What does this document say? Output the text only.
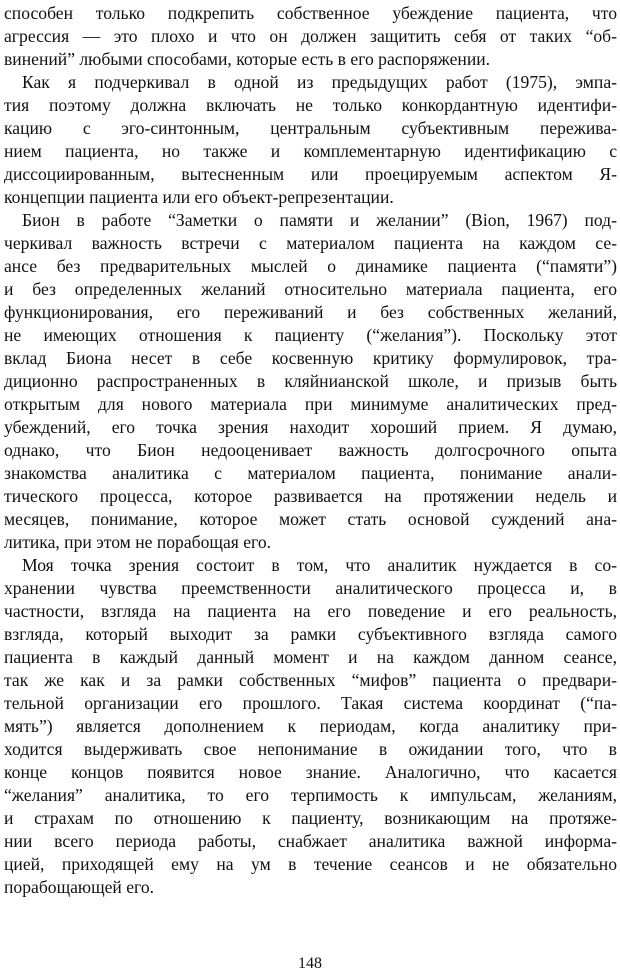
способен только подкрепить собственное убеждение пациента, что
агрессия — это плохо и что он должен защитить себя от таких “об-
винений” любыми способами, которые есть в его распоряжении.
Как я подчеркивал в одной из предыдущих работ (1975), эмпа-
тия поэтому должна включать не только конкордантную идентифи-
кацию с эго-синтонным, центральным субъективным пережива-
нием пациента, но также и комплементарную идентификацию с
диссоциированным, вытесненным или проецируемым аспектом Я-
концепции пациента или его объект-репрезентации.
Бион в работе “Заметки о памяти и желании” (Bion, 1967) под-
черкивал важность встречи с материалом пациента на каждом се-
ансе без предварительных мыслей о динамике пациента (“памяти”)
и без определенных желаний относительно материала пациента, его
функционирования, его переживаний и без собственных желаний,
не имеющих отношения к пациенту (“желания”). Поскольку этот
вклад Биона несет в себе косвенную критику формулировок, тра-
диционно распространенных в кляйнианской школе, и призыв быть
открытым для нового материала при минимуме аналитических пред-
убеждений, его точка зрения находит хороший прием. Я думаю,
однако, что Бион недооценивает важность долгосрочного опыта
знакомства аналитика с материалом пациента, понимание анали-
тического процесса, которое развивается на протяжении недель и
месяцев, понимание, которое может стать основой суждений ана-
литика, при этом не порабощая его.
Моя точка зрения состоит в том, что аналитик нуждается в со-
хранении чувства преемственности аналитического процесса и, в
частности, взгляда на пациента на его поведение и его реальность,
взгляда, который выходит за рамки субъективного взгляда самого
пациента в каждый данный момент и на каждом данном сеансе,
так же как и за рамки собственных “мифов” пациента о предвари-
тельной организации его прошлого. Такая система координат (“па-
мять”) является дополнением к периодам, когда аналитику при-
ходится выдерживать свое непонимание в ожидании того, что в
конце концов появится новое знание. Аналогично, что касается
“желания” аналитика, то его терпимость к импульсам, желаниям,
и страхам по отношению к пациенту, возникающим на протяже-
нии всего периода работы, снабжает аналитика важной информа-
цией, приходящей ему на ум в течение сеансов и не обязательно
порабощающей его.
148
